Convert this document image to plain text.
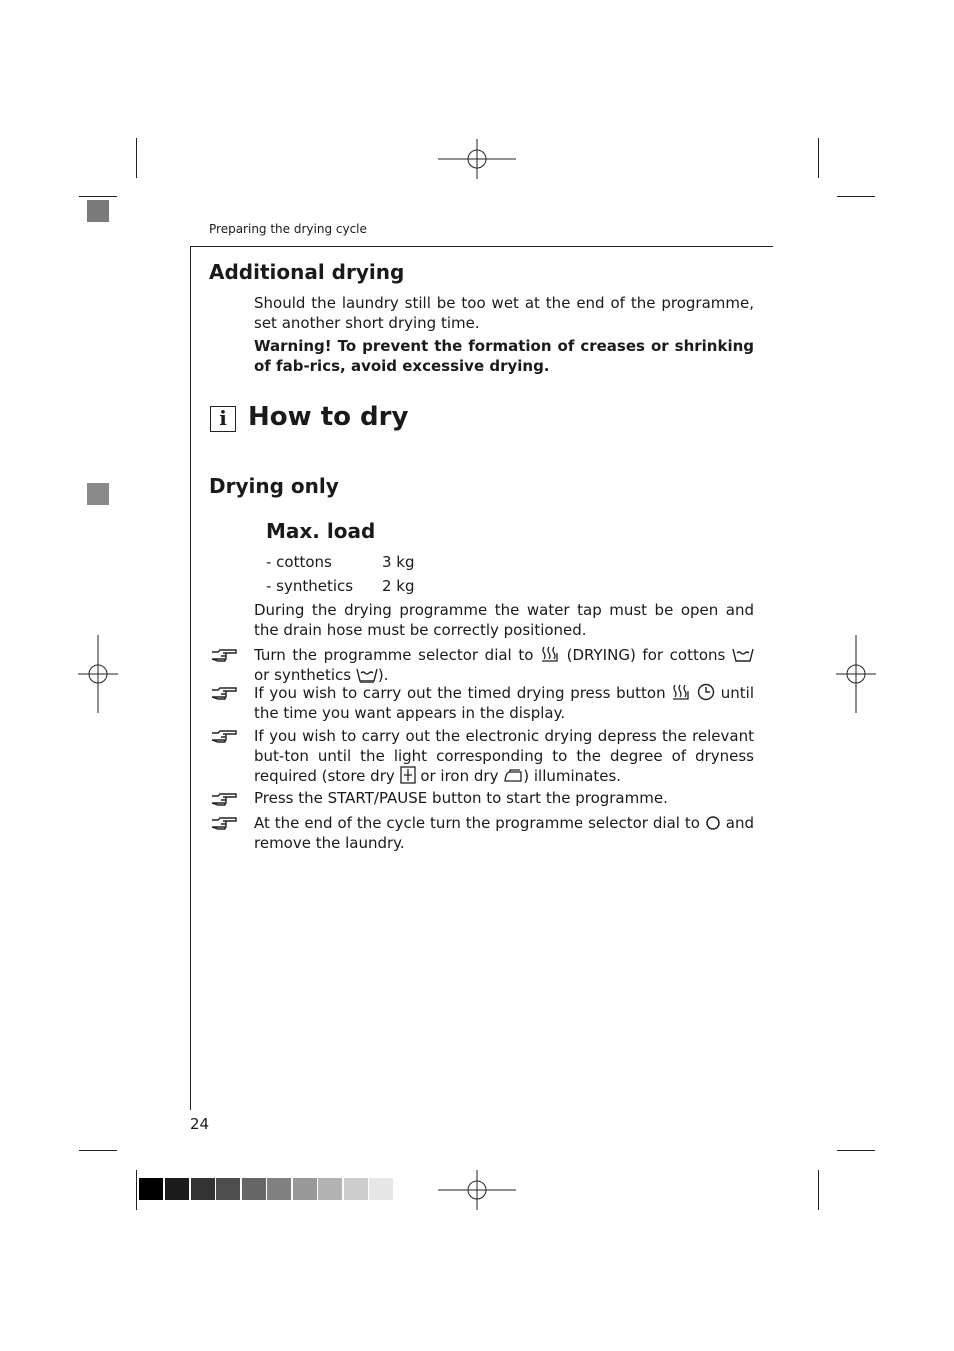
Preparing the drying cycle
Additional drying

Should the laundry still be too wet at the end of the programme, set another short drying time.

Warning! To prevent the formation of creases or shrinking of fab-rics, avoid excessive drying.

i How to dry
Drying only
Max. load
- cottons	3 kg
- synthetics 2 kg

During the drying programme the water tap must be open and the drain hose must be correctly positioned.

Turn the programme selector dial to (DRYING) for cottons  or synthetics ).

If you wish to carry out the timed drying press button	until the time you want appears in the display.

If you wish to carry out the electronic drying depress the relevant but-ton until the light corresponding to the degree of dryness required (store dry or iron dry ) illuminates.

Press the START/PAUSE button to start the programme.

At the end of the cycle turn the programme selector dial to and remove the laundry.

24
